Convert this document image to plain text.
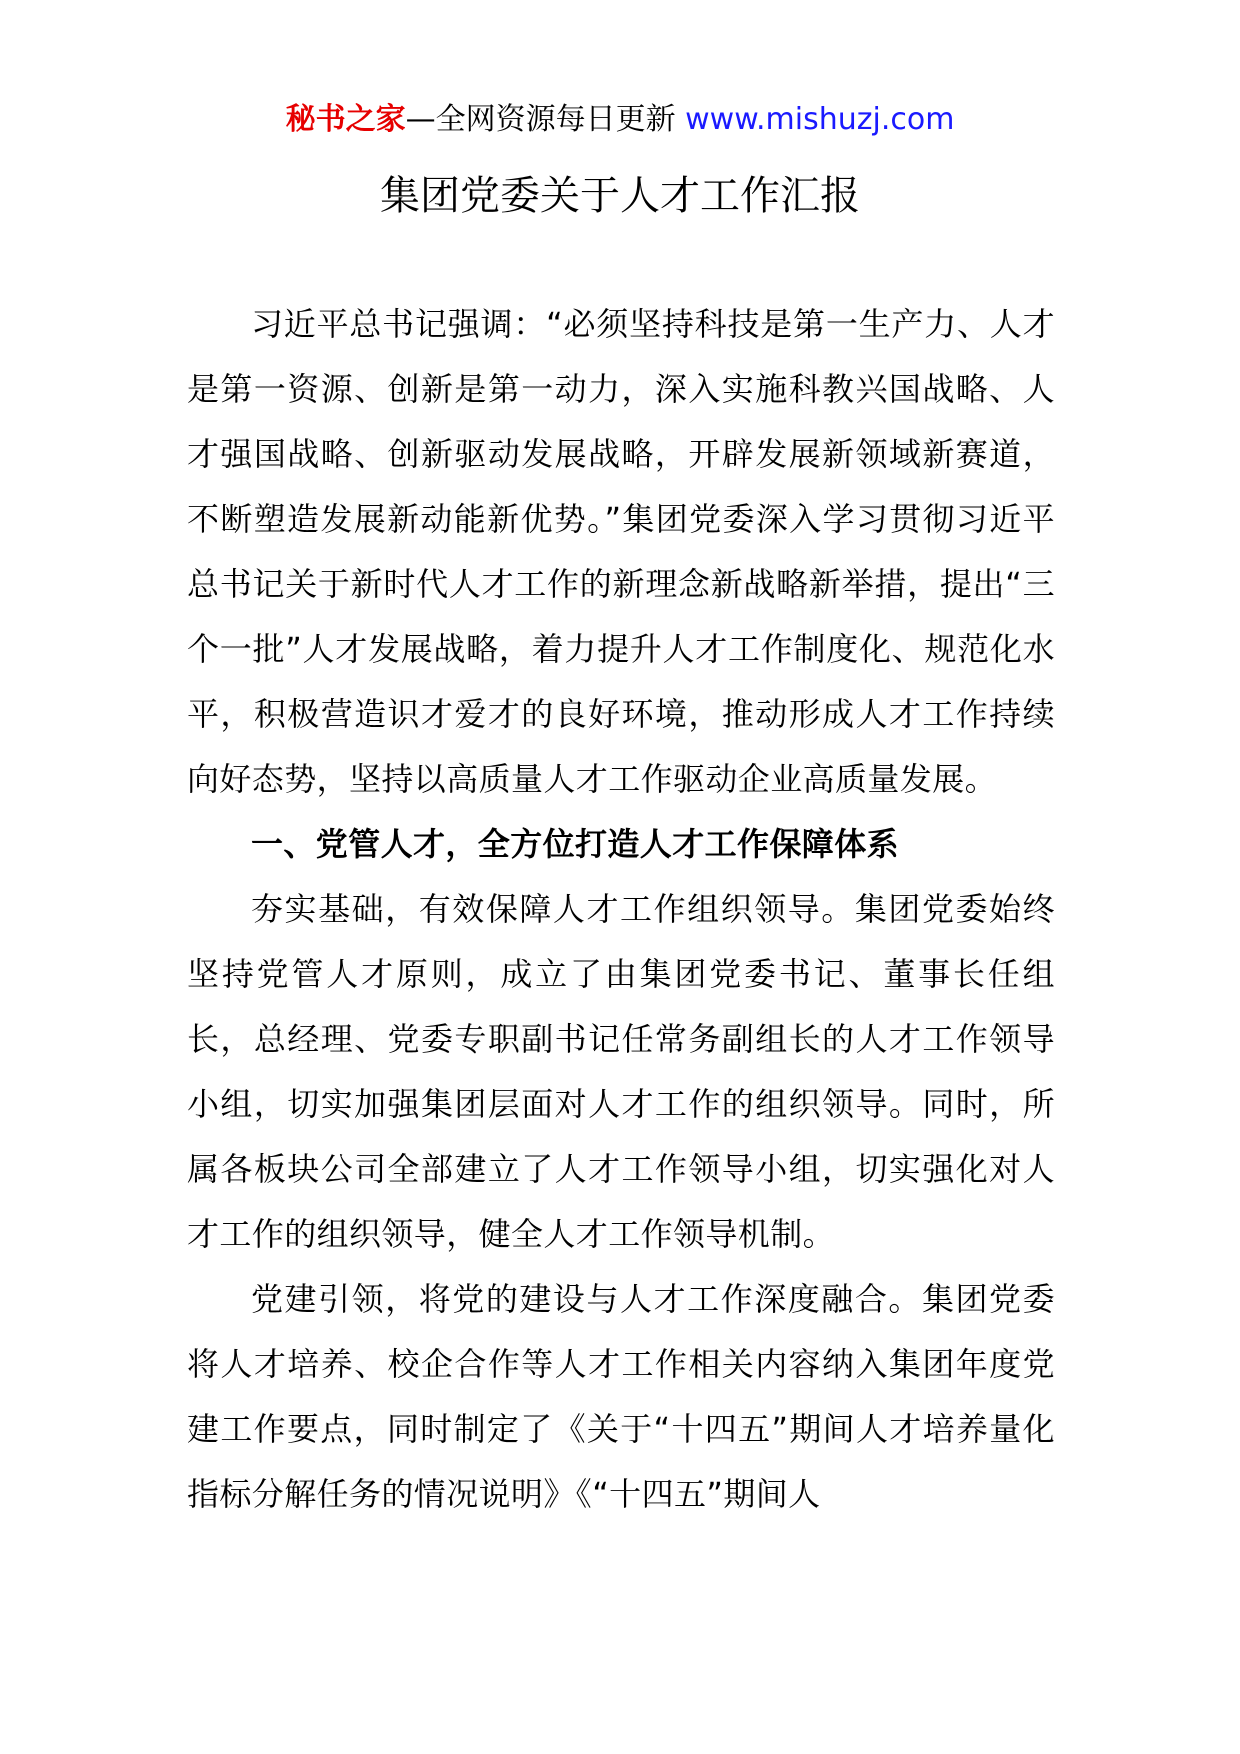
秘书之家—全网资源每日更新 www.mishuzj.com
集团党委关于人才工作汇报

习近平总书记强调：“必须坚持科技是第一生产力、人才是第一资源、创新是第一动力，深入实施科教兴国战略、人才强国战略、创新驱动发展战略，开辟发展新领域新赛道，不断塑造发展新动能新优势。”集团党委深入学习贯彻习近平总书记关于新时代人才工作的新理念新战略新举措，提出“三个一批”人才发展战略，着力提升人才工作制度化、规范化水平，积极营造识才爱才的良好环境，推动形成人才工作持续向好态势，坚持以高质量人才工作驱动企业高质量发展。

一、党管人才，全方位打造人才工作保障体系

夯实基础，有效保障人才工作组织领导。集团党委始终坚持党管人才原则，成立了由集团党委书记、董事长任组长，总经理、党委专职副书记任常务副组长的人才工作领导小组，切实加强集团层面对人才工作的组织领导。同时，所属各板块公司全部建立了人才工作领导小组，切实强化对人才工作的组织领导，健全人才工作领导机制。

党建引领，将党的建设与人才工作深度融合。集团党委将人才培养、校企合作等人才工作相关内容纳入集团年度党建工作要点，同时制定了《关于“十四五”期间人才培养量化指标分解任务的情况说明》《“十四五”期间人
